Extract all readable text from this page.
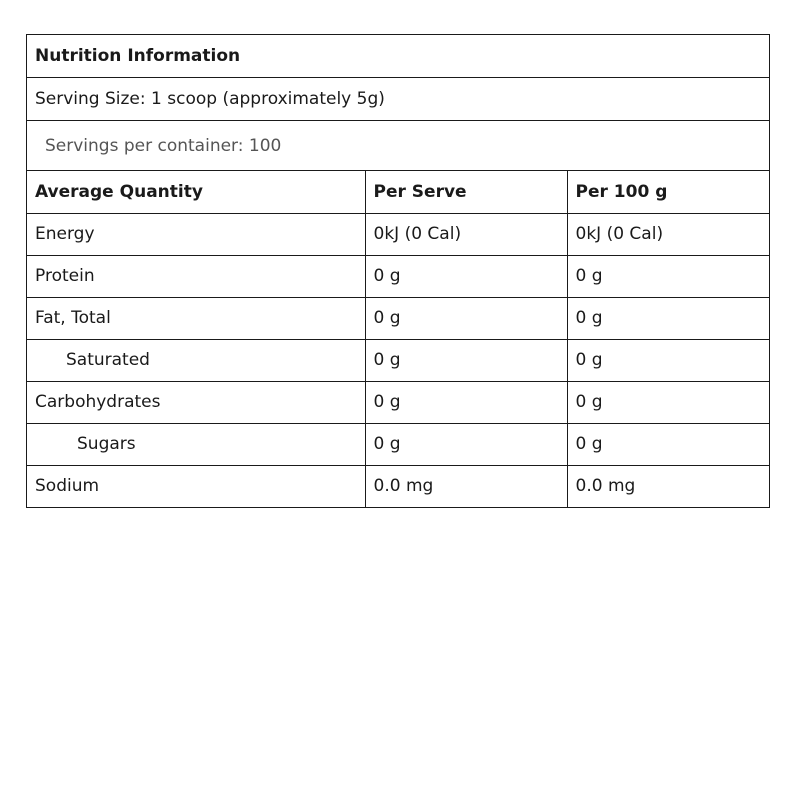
Nutrition Information
Serving Size: 1 scoop (approximately 5g)
Servings per container: 100
Average Quantity	Per Serve	Per 100 g
Energy	0kJ (0 Cal)	0kJ (0 Cal)
Protein	0 g	0 g
Fat, Total	0 g	0 g
Saturated	0 g	0 g
Carbohydrates	0 g	0 g
Sugars	0 g	0 g
Sodium	0.0 mg	0.0 mg
